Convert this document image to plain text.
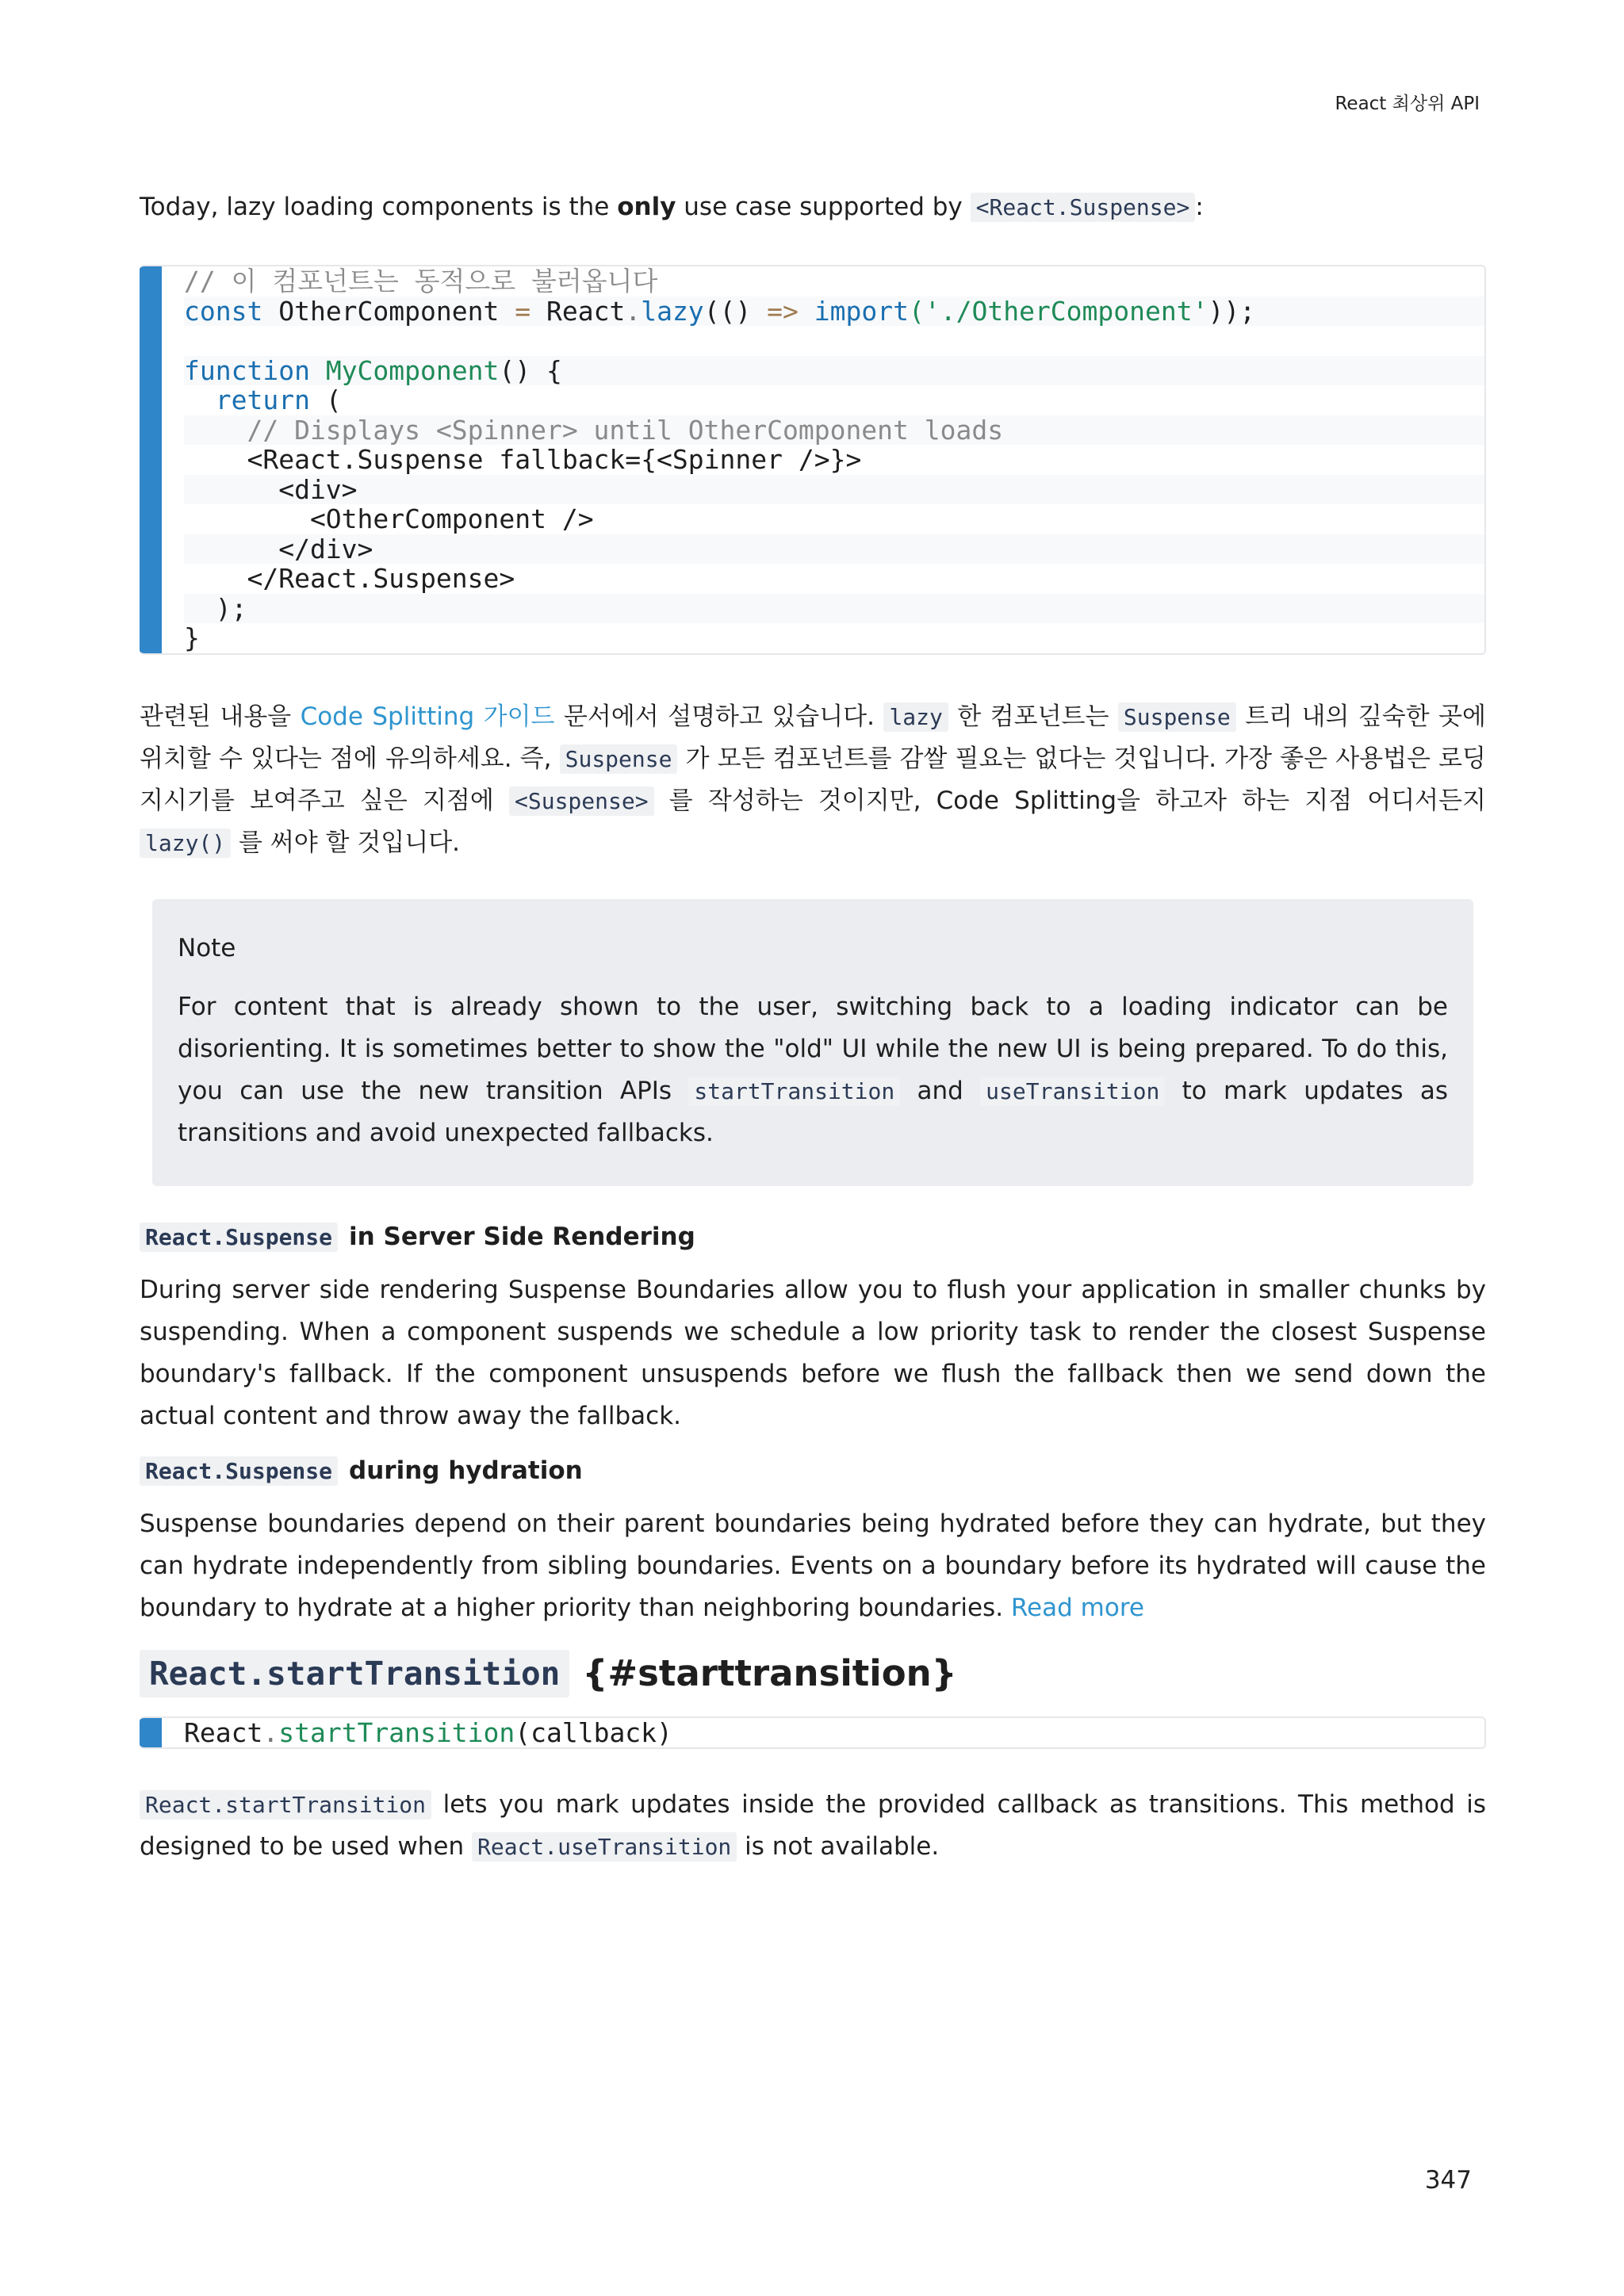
React 최상위 API

Today, lazy loading components is the only use case supported by <React.Suspense> :

// 이 컴포넌트는 동적으로 불러옵니다
const OtherComponent = React.lazy(() => import('./OtherComponent'));

function MyComponent() {
return (
// Displays <Spinner> until OtherComponent loads
<React.Suspense fallback={<Spinner />}>
<div>
<OtherComponent />
</div>
</React.Suspense>
);
}

관련된 내용을 Code Splitting 가이드 문서에서 설명하고 있습니다. lazy 한 컴포넌트는 Suspense 트리 내의 깊숙한 곳에 위치할 수 있다는 점에 유의하세요. 즉, Suspense 가 모든 컴포넌트를 감쌀 필요는 없다는 것입니다. 가장 좋은 사용법은 로딩 지시기를 보여주고 싶은 지점에 <Suspense> 를 작성하는 것이지만, Code Splitting을 하고자 하는 지점 어디서든지 lazy() 를 써야 할 것입니다.

Note

For content that is already shown to the user, switching back to a loading indicator can be disorienting. It is sometimes better to show the "old" UI while the new UI is being prepared. To do this, you can use the new transition APIs startTransition and useTransition to mark updates as transitions and avoid unexpected fallbacks.

React.Suspense in Server Side Rendering

During server side rendering Suspense Boundaries allow you to flush your application in smaller chunks by suspending. When a component suspends we schedule a low priority task to render the closest Suspense boundary's fallback. If the component unsuspends before we flush the fallback then we send down the actual content and throw away the fallback.

React.Suspense during hydration

Suspense boundaries depend on their parent boundaries being hydrated before they can hydrate, but they can hydrate independently from sibling boundaries. Events on a boundary before its hydrated will cause the boundary to hydrate at a higher priority than neighboring boundaries. Read more

React.startTransition {#starttransition}
React.startTransition(callback)

React.startTransition lets you mark updates inside the provided callback as transitions. This method is designed to be used when React.useTransition is not available.

347
